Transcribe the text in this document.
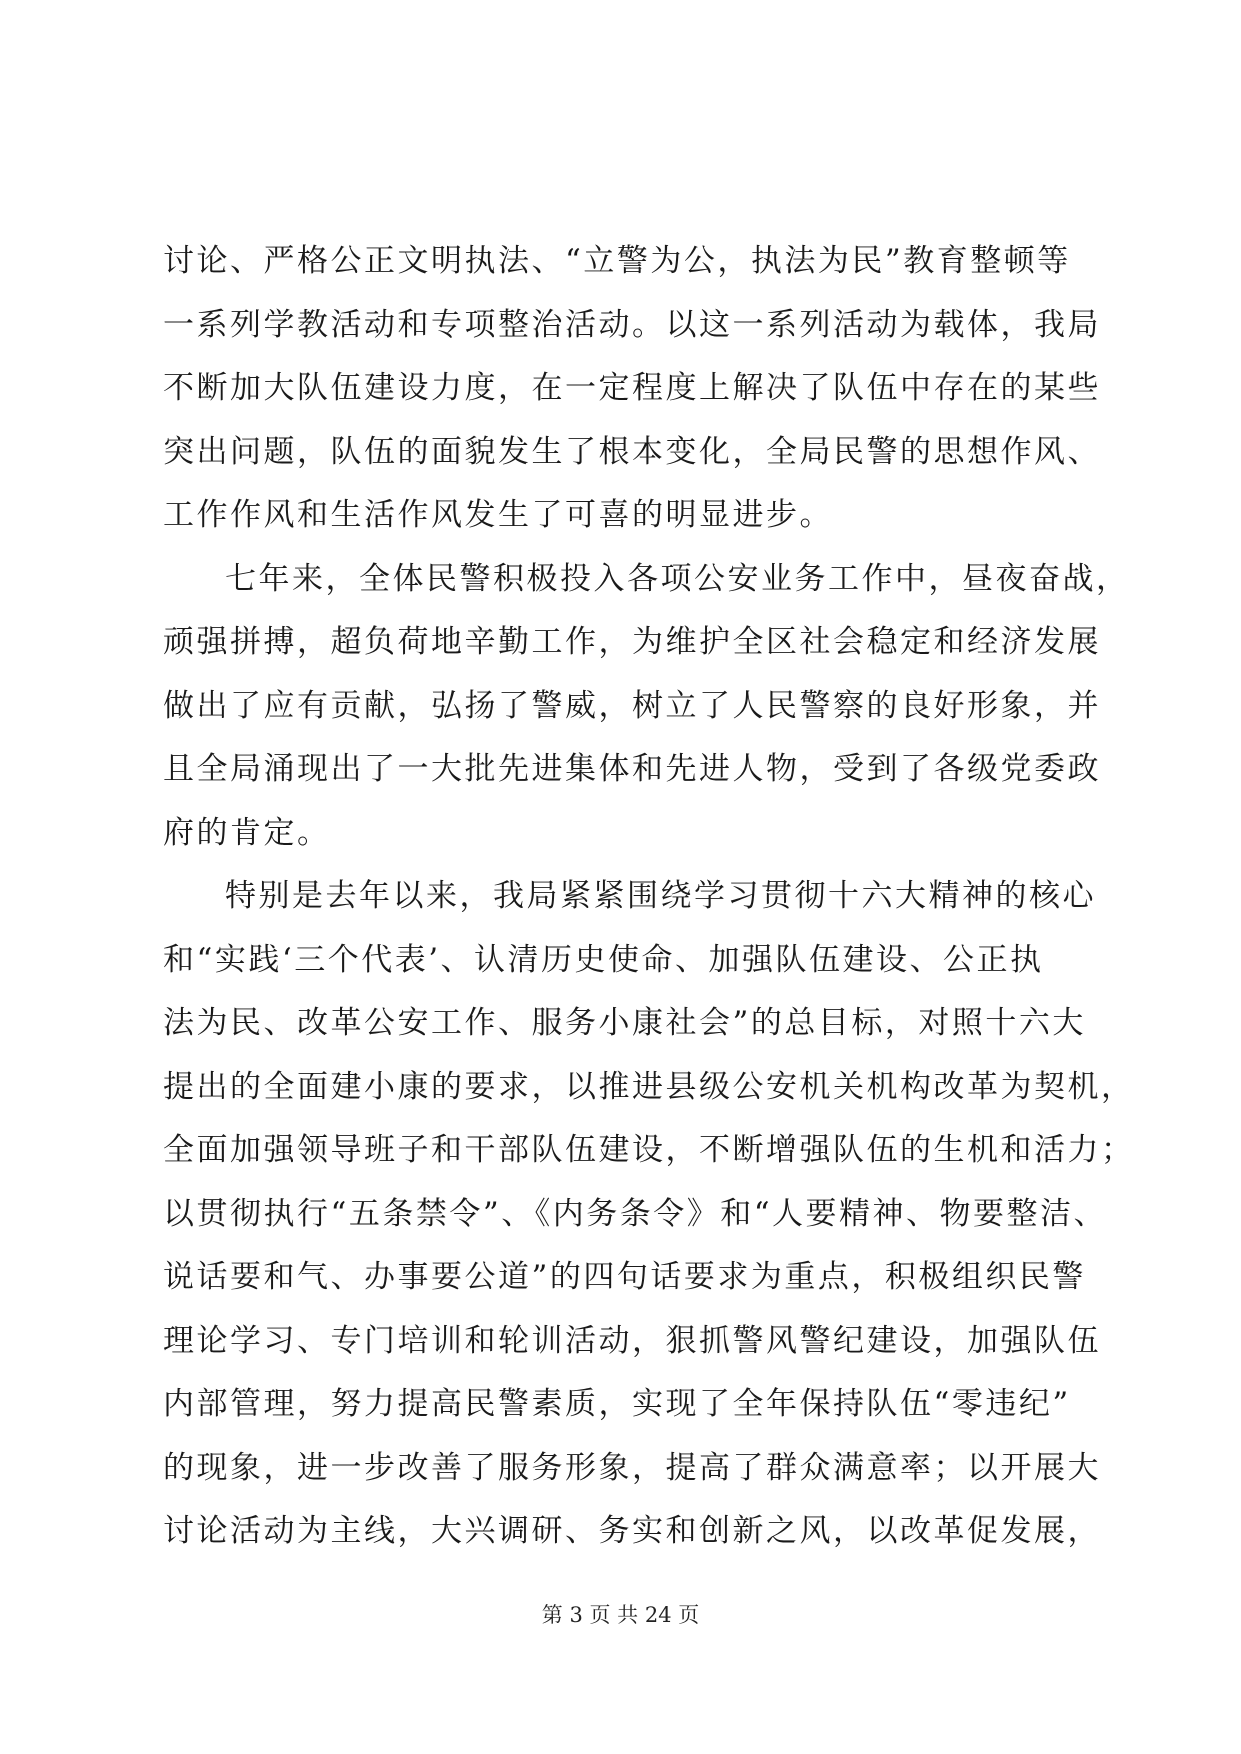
讨论、严格公正文明执法、“立警为公，执法为民”教育整顿等
一系列学教活动和专项整治活动。以这一系列活动为载体，我局
不断加大队伍建设力度，在一定程度上解决了队伍中存在的某些
突出问题，队伍的面貌发生了根本变化，全局民警的思想作风、
工作作风和生活作风发生了可喜的明显进步。
七年来，全体民警积极投入各项公安业务工作中，昼夜奋战，
顽强拼搏，超负荷地辛勤工作，为维护全区社会稳定和经济发展
做出了应有贡献，弘扬了警威，树立了人民警察的良好形象，并
且全局涌现出了一大批先进集体和先进人物，受到了各级党委政
府的肯定。
特别是去年以来，我局紧紧围绕学习贯彻十六大精神的核心
和“实践‘三个代表’、认清历史使命、加强队伍建设、公正执
法为民、改革公安工作、服务小康社会”的总目标，对照十六大
提出的全面建小康的要求，以推进县级公安机关机构改革为契机，
全面加强领导班子和干部队伍建设，不断增强队伍的生机和活力；
以贯彻执行“五条禁令”、《内务条令》和“人要精神、物要整洁、
说话要和气、办事要公道”的四句话要求为重点，积极组织民警
理论学习、专门培训和轮训活动，狠抓警风警纪建设，加强队伍
内部管理，努力提高民警素质，实现了全年保持队伍“零违纪”
的现象，进一步改善了服务形象，提高了群众满意率；以开展大
讨论活动为主线，大兴调研、务实和创新之风，以改革促发展，
第 3 页 共 24 页
